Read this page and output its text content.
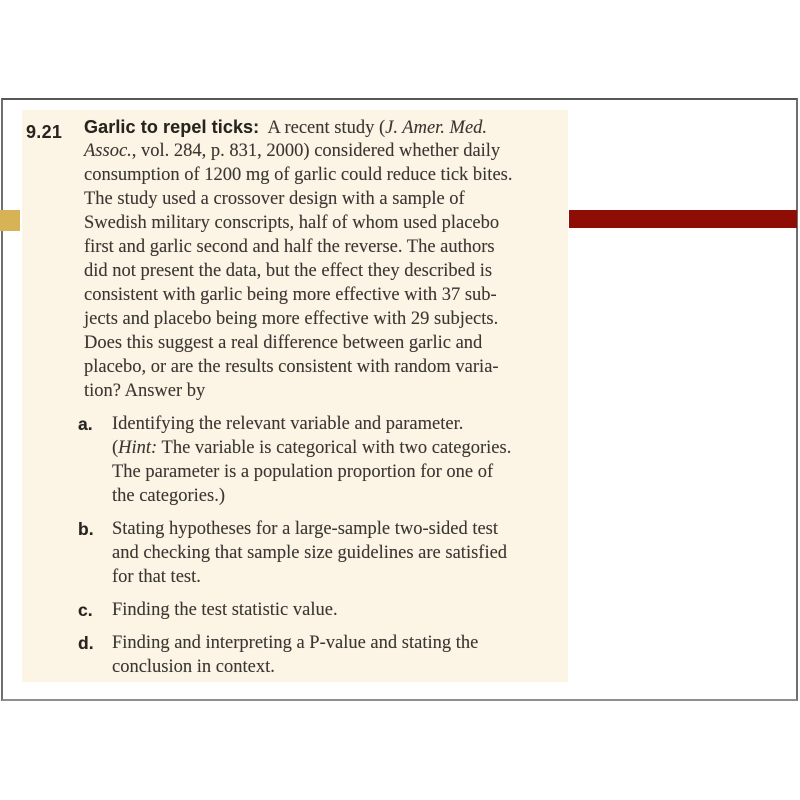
9.21	Garlic to repel ticks:  A recent study (J. Amer. Med.
Assoc., vol. 284, p. 831, 2000) considered whether daily
consumption of 1200 mg of garlic could reduce tick bites.
The study used a crossover design with a sample of
Swedish military conscripts, half of whom used placebo
first and garlic second and half the reverse. The authors
did not present the data, but the effect they described is
consistent with garlic being more effective with 37 sub-
jects and placebo being more effective with 29 subjects.
Does this suggest a real difference between garlic and
placebo, or are the results consistent with random varia-
tion? Answer by
a.	Identifying the relevant variable and parameter.
(Hint: The variable is categorical with two categories.
The parameter is a population proportion for one of
the categories.)
b. Stating hypotheses for a large-sample two-sided test
and checking that sample size guidelines are satisfied
for that test.
c.	Finding the test statistic value.
d. Finding and interpreting a P-value and stating the
conclusion in context.
